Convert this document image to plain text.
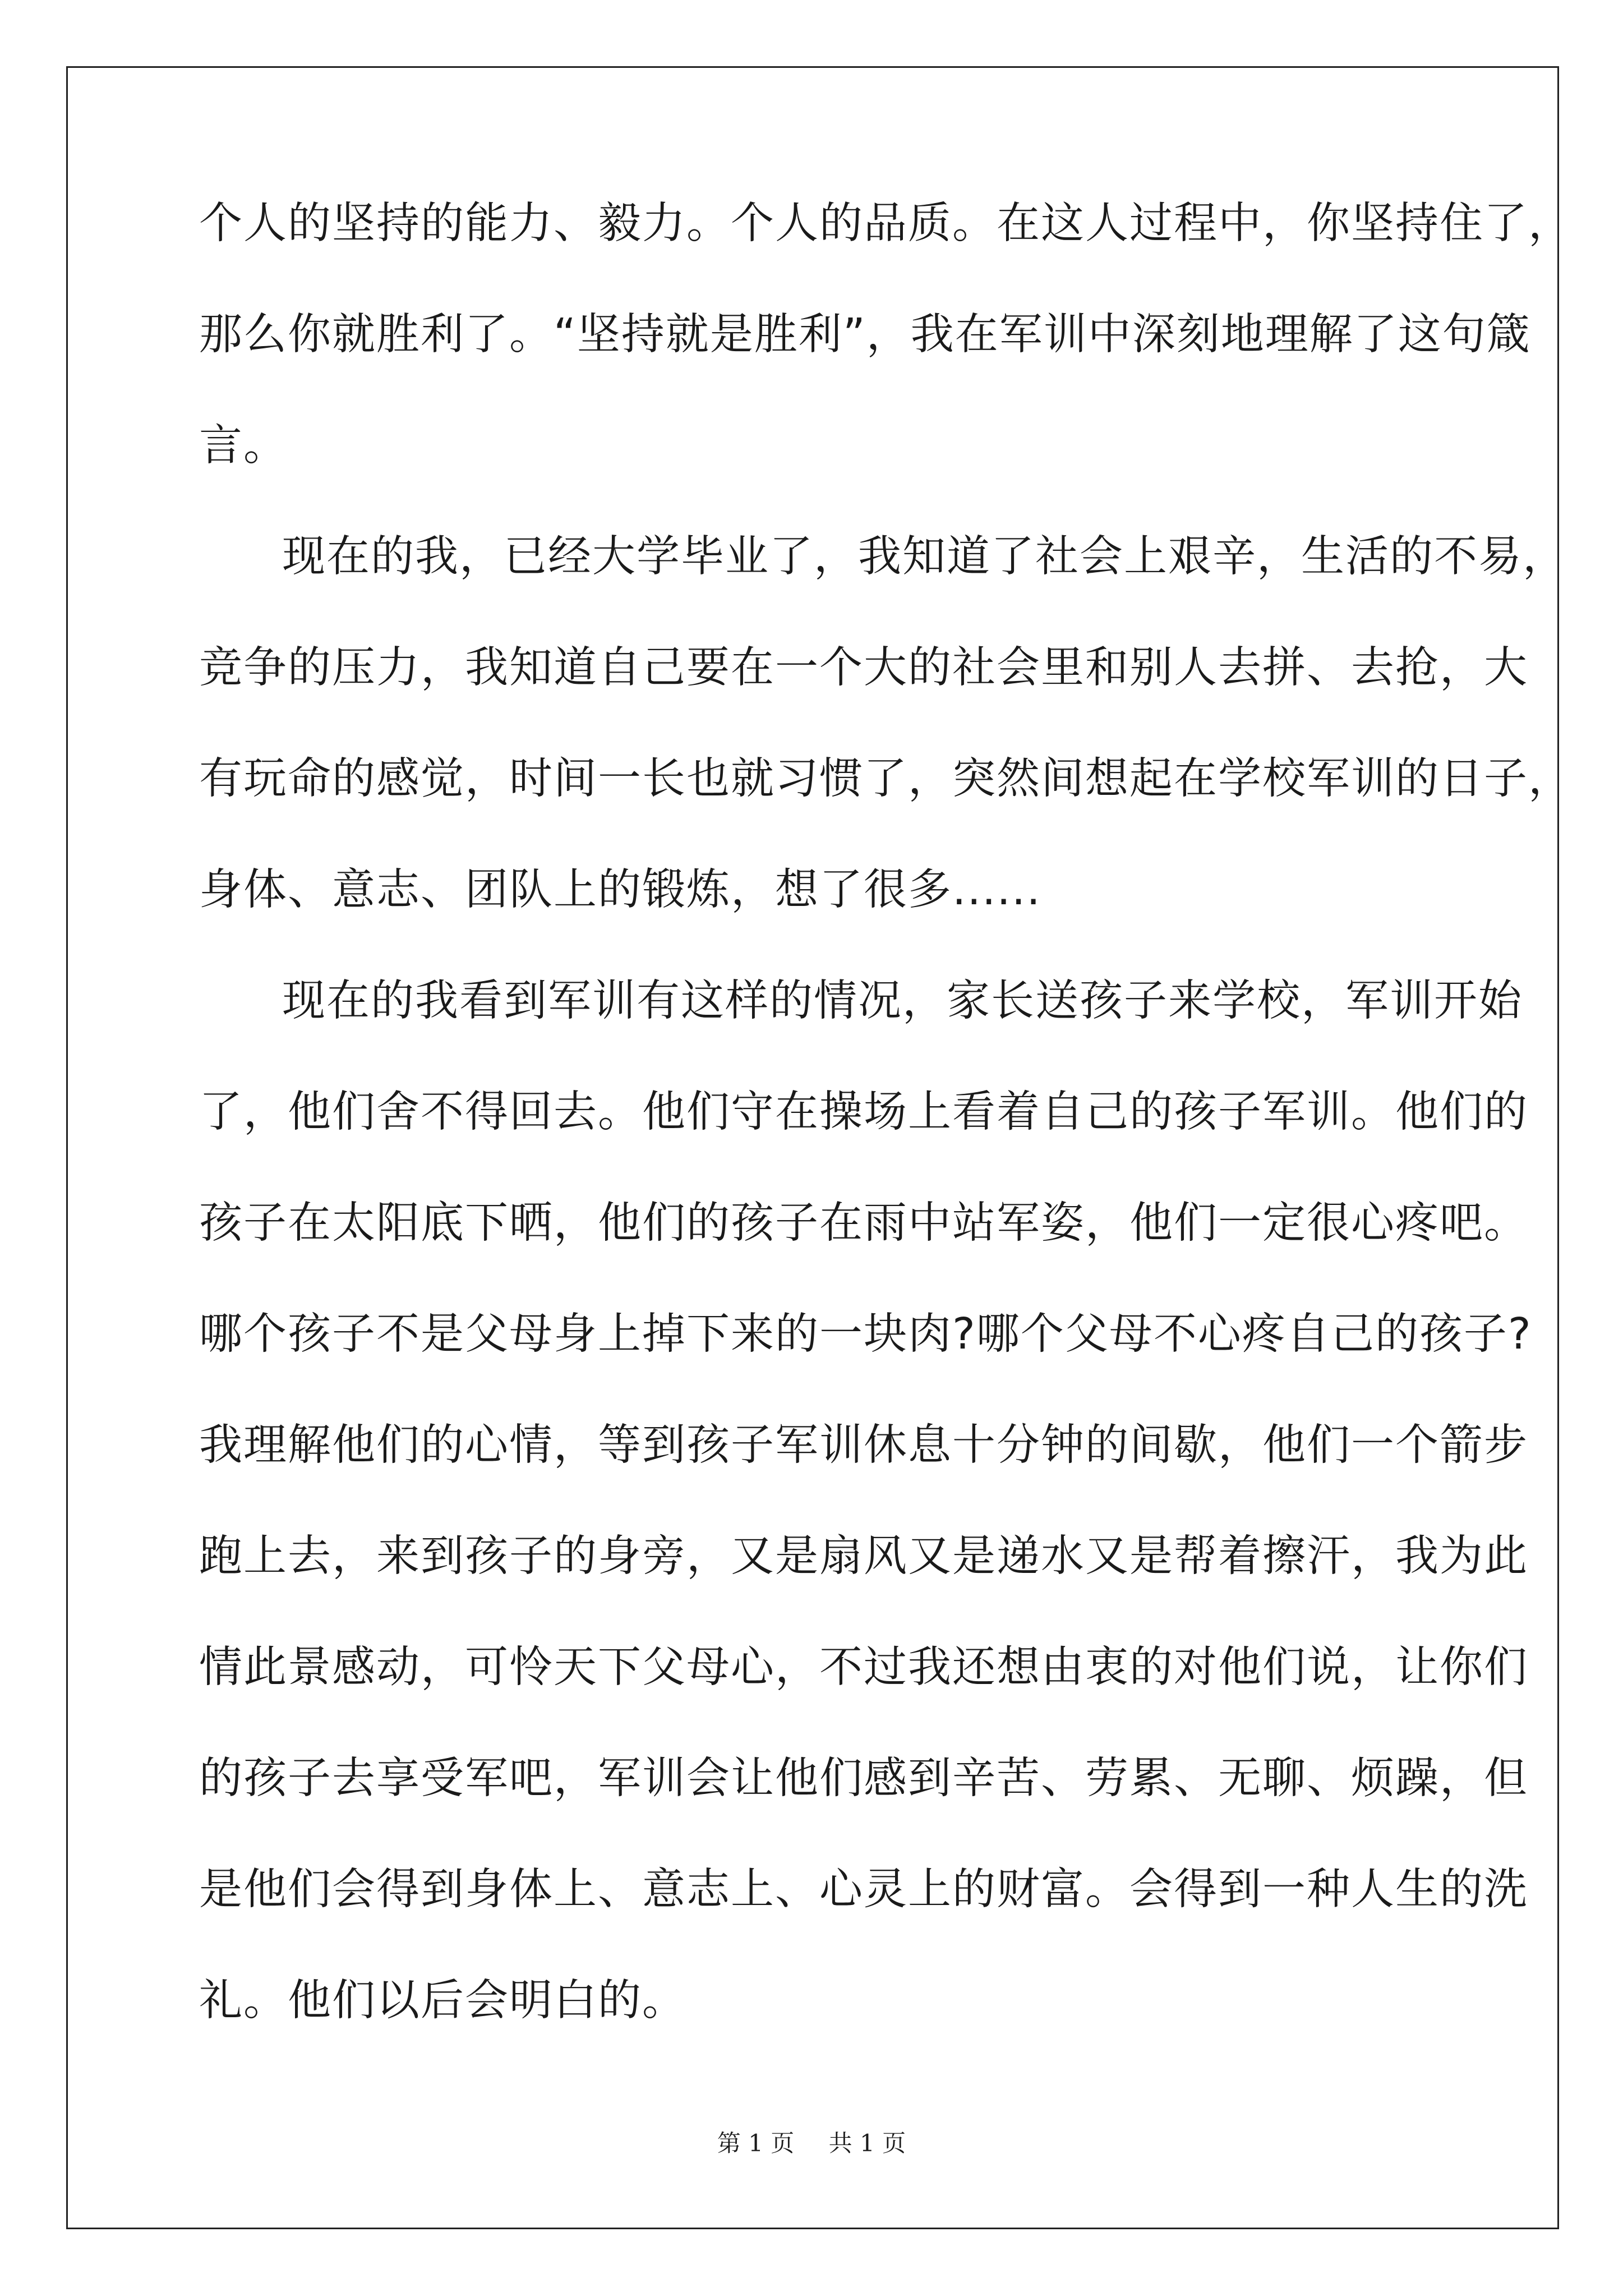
个人的坚持的能力、毅力。个人的品质。在这人过程中，你坚持住了，
那么你就胜利了。“坚持就是胜利”，我在军训中深刻地理解了这句箴
言。
现在的我，已经大学毕业了，我知道了社会上艰辛，生活的不易，
竞争的压力，我知道自己要在一个大的社会里和别人去拼、去抢，大
有玩命的感觉，时间一长也就习惯了，突然间想起在学校军训的日子，
身体、意志、团队上的锻炼，想了很多......
现在的我看到军训有这样的情况，家长送孩子来学校，军训开始
了，他们舍不得回去。他们守在操场上看着自己的孩子军训。他们的
孩子在太阳底下晒，他们的孩子在雨中站军姿，他们一定很心疼吧。
哪个孩子不是父母身上掉下来的一块肉?哪个父母不心疼自己的孩子?
我理解他们的心情，等到孩子军训休息十分钟的间歇，他们一个箭步
跑上去，来到孩子的身旁，又是扇风又是递水又是帮着擦汗，我为此
情此景感动，可怜天下父母心，不过我还想由衷的对他们说，让你们
的孩子去享受军吧，军训会让他们感到辛苦、劳累、无聊、烦躁，但
是他们会得到身体上、意志上、心灵上的财富。会得到一种人生的洗
礼。他们以后会明白的。
第 1 页 共 1 页
